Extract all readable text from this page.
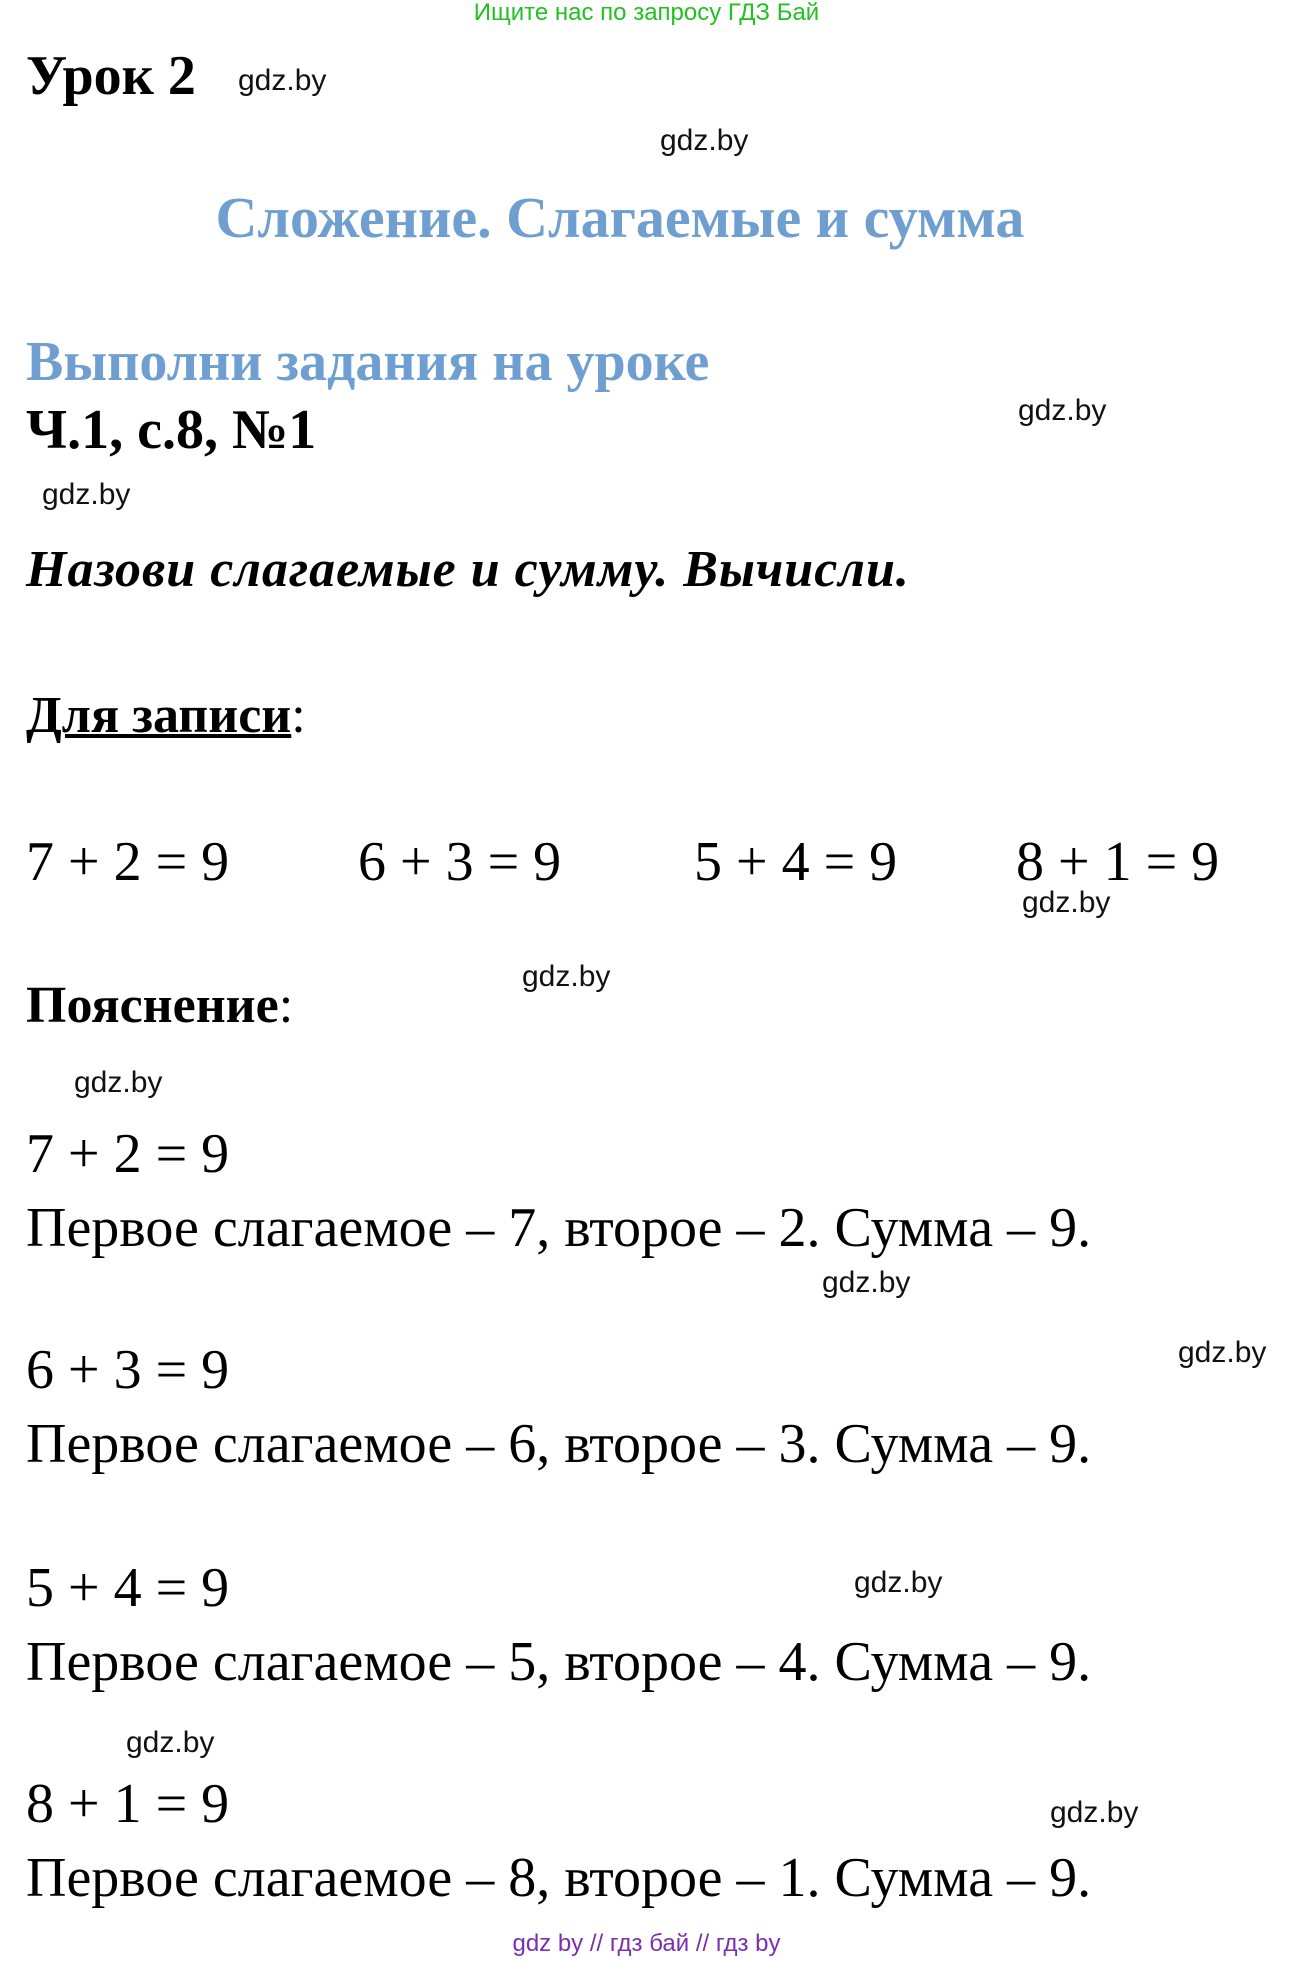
Ищите нас по запросу ГДЗ Бай
Урок 2 gdz.by
gdz.by
Сложение. Слагаемые и сумма
Выполни задания на уроке
gdz.by
Ч.1, с.8, №1
gdz.by
Назови слагаемые и сумму. Вычисли.
Для записи:
7 + 2 = 9 6 + 3 = 9 5 + 4 = 9 8 + 1 = 9
gdz.by
gdz.by
Пояснение:
gdz.by
7 + 2 = 9
Первое слагаемое – 7, второе – 2. Сумма – 9.
gdz.by
gdz.by
6 + 3 = 9
Первое слагаемое – 6, второе – 3. Сумма – 9.
5 + 4 = 9	gdz.by
Первое слагаемое – 5, второе – 4. Сумма – 9.
gdz.by
8 + 1 = 9	gdz.by
Первое слагаемое – 8, второе – 1. Сумма – 9.
gdz by // гдз бай // гдз by
